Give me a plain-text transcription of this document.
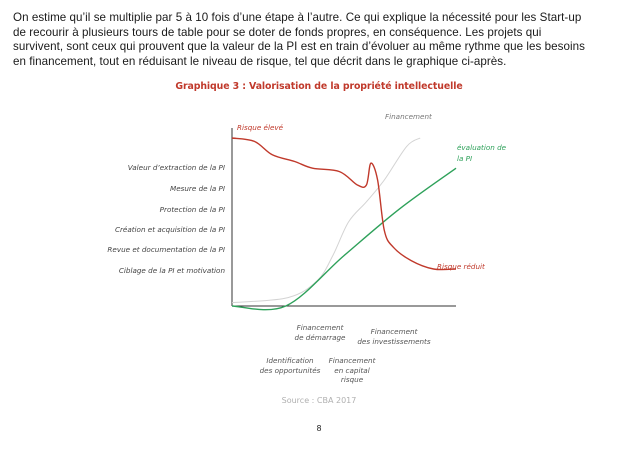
On estime qu’il se multiplie par 5 à 10 fois d’une étape à l’autre. Ce qui explique la nécessité pour les Start-up
de recourir à plusieurs tours de table pour se doter de fonds propres, en conséquence. Les projets qui
survivent, sont ceux qui prouvent que la valeur de la PI est en train d’évoluer au même rythme que les besoins
en financement, tout en réduisant le niveau de risque, tel que décrit dans le graphique ci-après.
Graphique 3 : Valorisation de la propriété intellectuelle
Valeur d’extraction de la PI
Mesure de la PI
Protection de la PI
Création et acquisition de la PI
Revue et documentation de la PI
Ciblage de la PI et motivation
Risque élevé
Financement
évaluation de
la PI
Risque réduit
Financement
de démarrage
Financement
des investissements
Identification
des opportunités
Financement
en capital
risque
Source : CBA 2017
8
